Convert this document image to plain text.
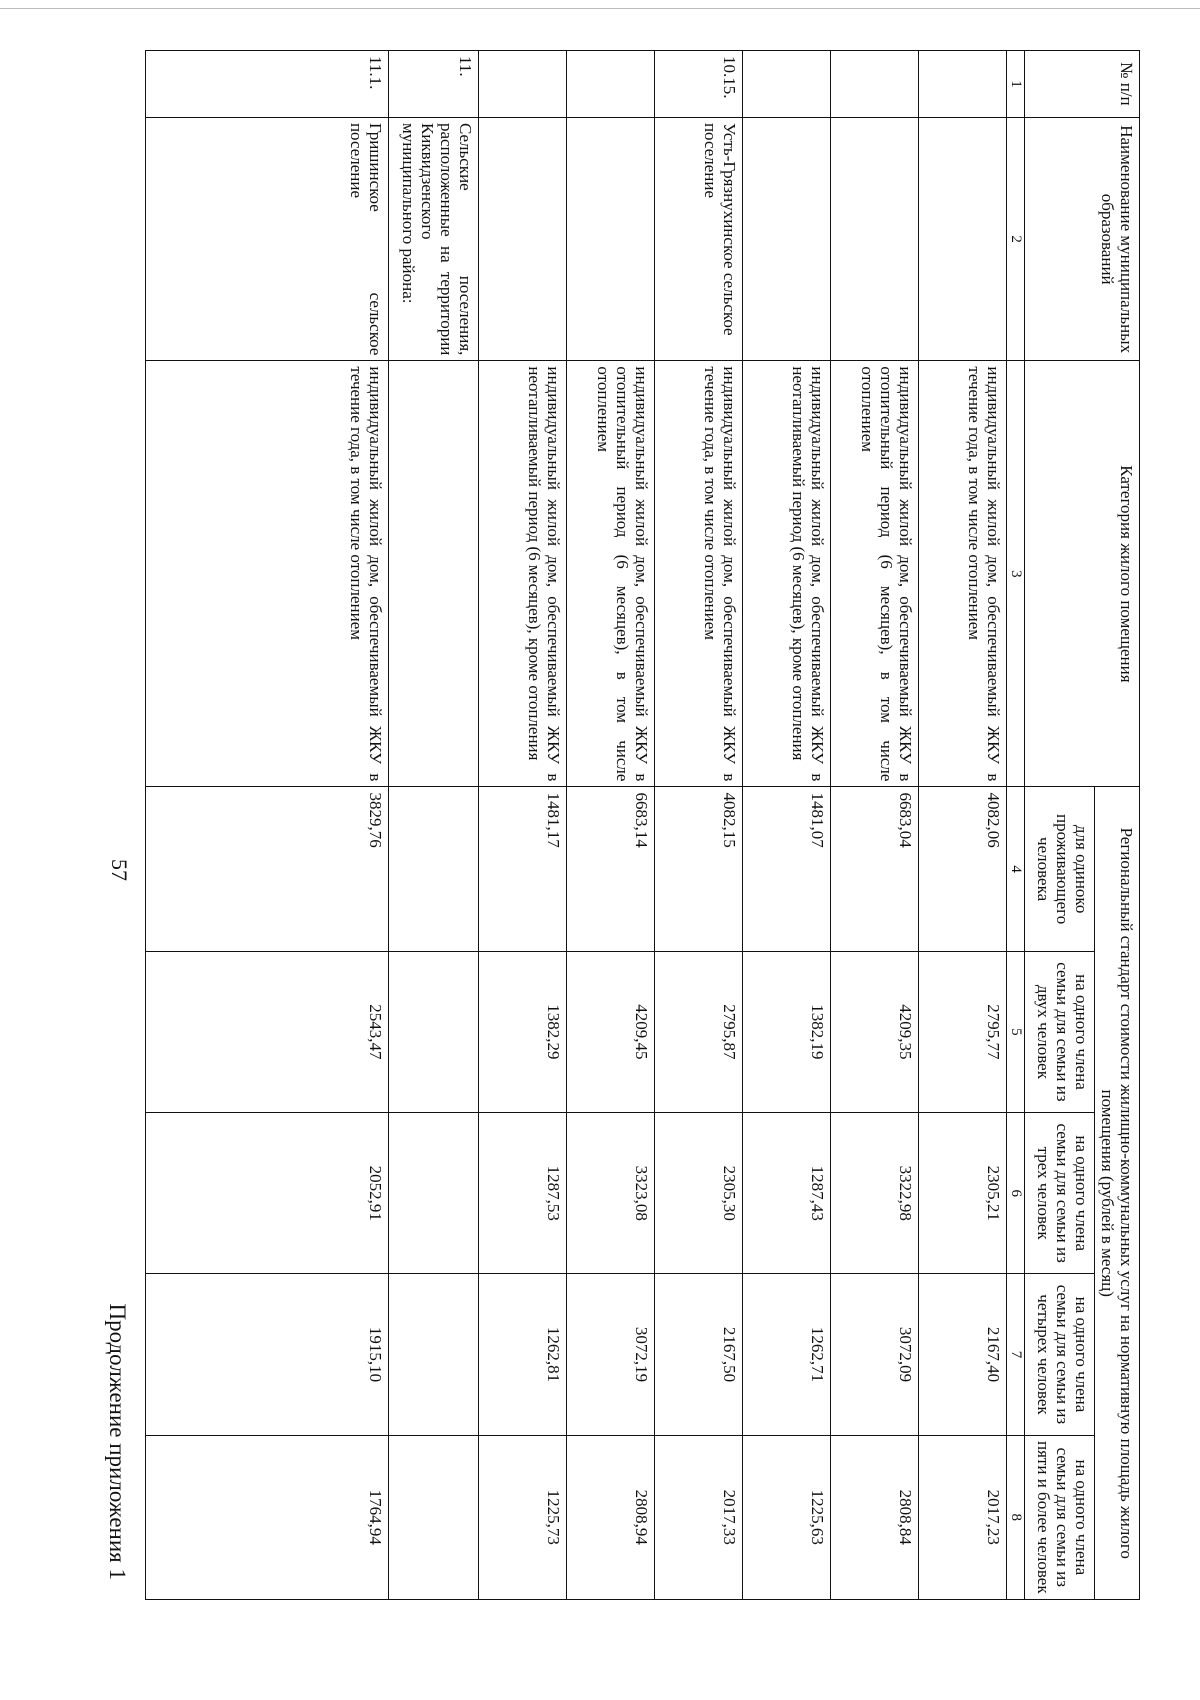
№ п/п	Наименование муниципальных образований	Категория жилого помещения	Региональный стандарт стоимости жилищно-коммунальных услуг на нормативную площадь жилого помещения (рублей в месяц)				
			для одиноко проживающего человека	на одного члена семьи для семьи из двух человек	на одного члена семьи для семьи из трех человек	на одного члена семьи для семьи из четырех человек	на одного члена семьи для семьи из пяти и более человек
1	2	3	4	5	6	7	8
		индивидуальный жилой дом, обеспечиваемый ЖКУ в течение года, в том числе отоплением	4082,06	2795,77	2305,21	2167,40	2017,23
		индивидуальный жилой дом, обеспечиваемый ЖКУ в отопительный период (6 месяцев), в том числе отоплением	6683,04	4209,35	3322,98	3072,09	2808,84
		индивидуальный жилой дом, обеспечиваемый ЖКУ в неотапливаемый период (6 месяцев), кроме отопления	1481,07	1382,19	1287,43	1262,71	1225,63
10.15.	Усть-Грязнухинское сельское поселение	индивидуальный жилой дом, обеспечиваемый ЖКУ в течение года, в том числе отоплением	4082,15	2795,87	2305,30	2167,50	2017,33
		индивидуальный жилой дом, обеспечиваемый ЖКУ в отопительный период (6 месяцев), в том числе отоплением	6683,14	4209,45	3323,08	3072,19	2808,94
		индивидуальный жилой дом, обеспечиваемый ЖКУ в неотапливаемый период (6 месяцев), кроме отопления	1481,17	1382,29	1287,53	1262,81	1225,73
11.	Сельские поселения, расположенные на территории Киквидзенского муниципального района:						
11.1.	Гришинское сельское поселение	индивидуальный жилой дом, обеспечиваемый ЖКУ в течение года, в том числе отоплением	3829,76	2543,47	2052,91	1915,10	1764,94
57
Продолжение приложения 1
